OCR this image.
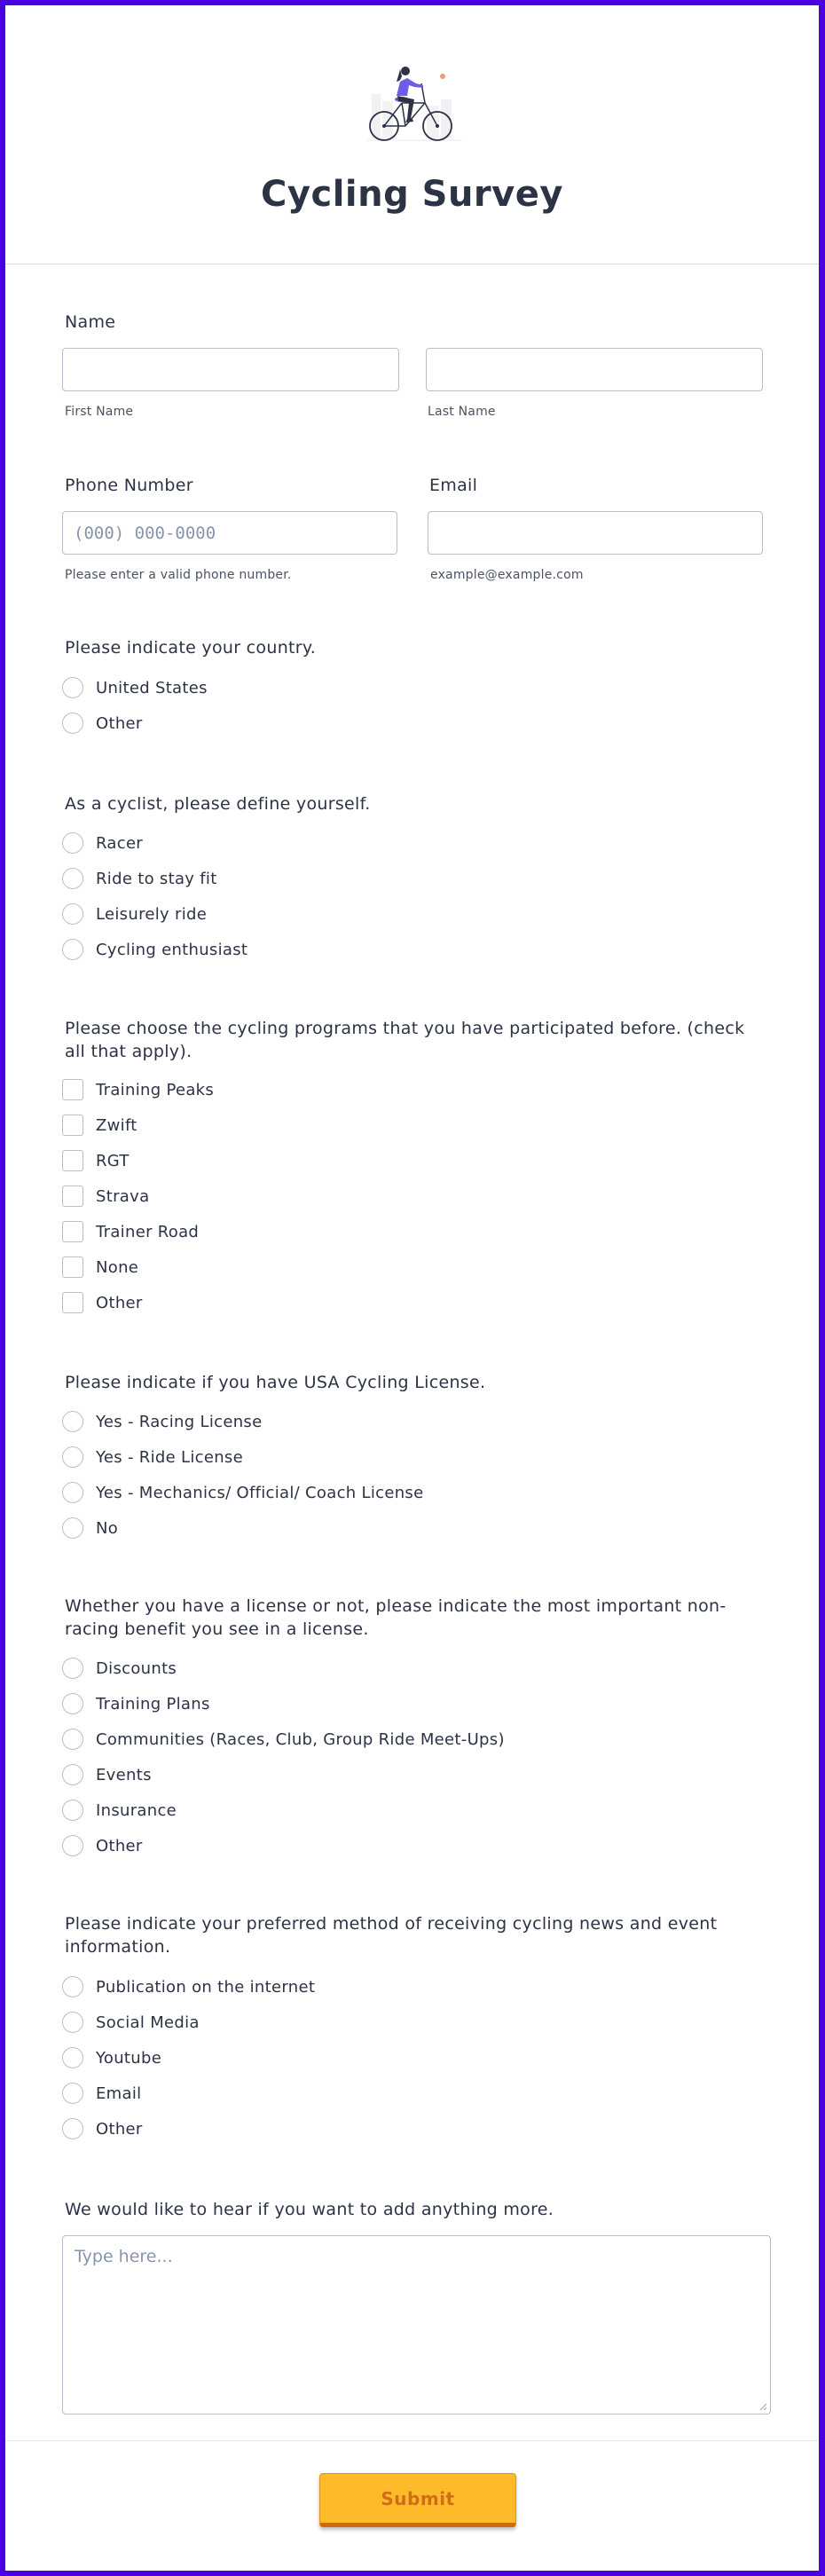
Cycling Survey
Name
First Name	Last Name
Phone Number
(000) 000-0000
Please enter a valid phone number.
Email
example@example.com
Please indicate your country.
United States
Other
As a cyclist, please define yourself.
Racer
Ride to stay fit
Leisurely ride
Cycling enthusiast
Please choose the cycling programs that you have participated before. (check all that apply).
Training Peaks
Zwift
RGT
Strava
Trainer Road
None
Other
Please indicate if you have USA Cycling License.
Yes - Racing License
Yes - Ride License
Yes - Mechanics/ Official/ Coach License
No
Whether you have a license or not, please indicate the most important non-racing benefit you see in a license.
Discounts
Training Plans
Communities (Races, Club, Group Ride Meet-Ups)
Events
Insurance
Other
Please indicate your preferred method of receiving cycling news and event information.
Publication on the internet
Social Media
Youtube
Email
Other
We would like to hear if you want to add anything more.
Type here...
Submit
